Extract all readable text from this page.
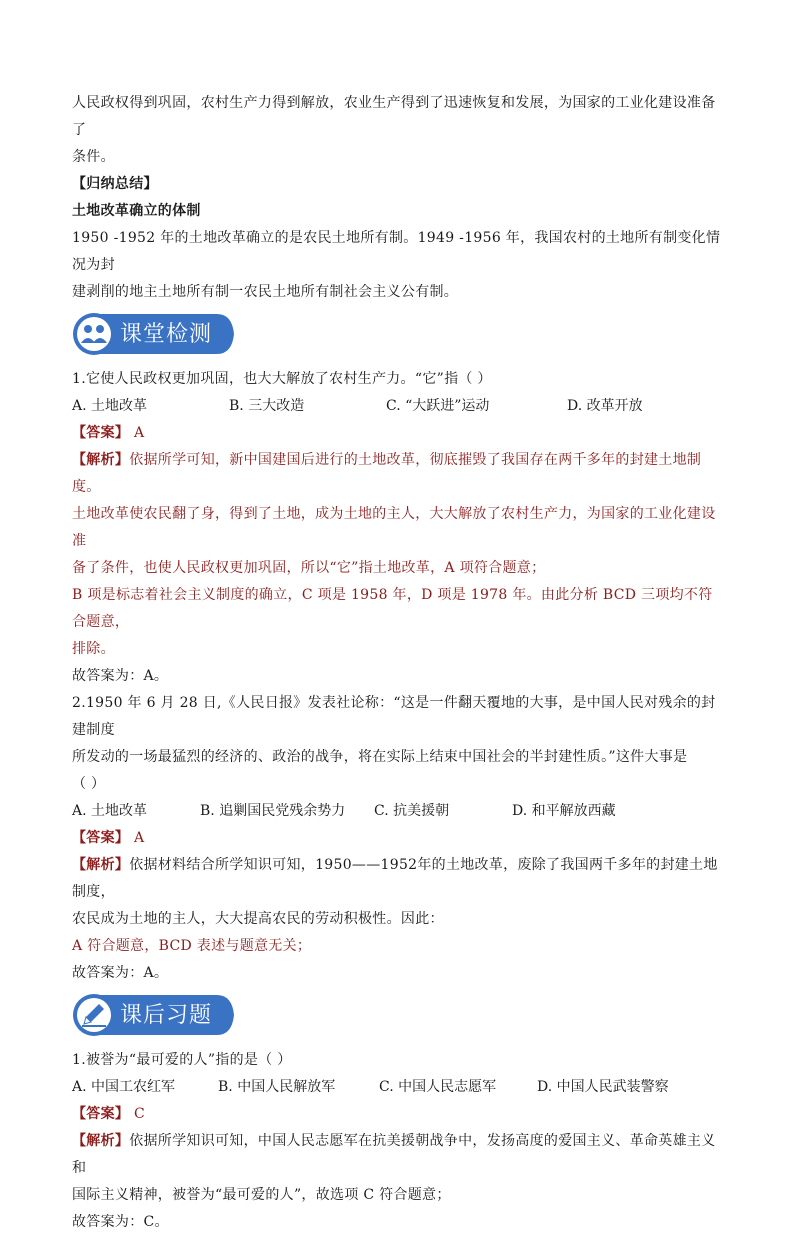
人民政权得到巩固，农村生产力得到解放，农业生产得到了迅速恢复和发展，为国家的工业化建设准备了

条件。

【归纳总结】

土地改革确立的体制

1950 -1952 年的土地改革确立的是农民土地所有制。1949 -1956 年，我国农村的土地所有制变化情况为封

建剥削的地主土地所有制一农民土地所有制社会主义公有制。

课堂检测

1.它使人民政权更加巩固，也大大解放了农村生产力。“它”指（ ）

A. 土地改革	B. 三大改造	C. “大跃进”运动	D. 改革开放

【答案】 A

【解析】依据所学可知，新中国建国后进行的土地改革，彻底摧毁了我国存在两千多年的封建土地制度。

土地改革使农民翻了身，得到了土地，成为土地的主人，大大解放了农村生产力，为国家的工业化建设准

备了条件，也使人民政权更加巩固，所以“它”指土地改革，A 项符合题意；

B 项是标志着社会主义制度的确立，C 项是 1958 年，D 项是 1978 年。由此分析 BCD 三项均不符合题意，

排除。

故答案为：A。

2.1950 年 6 月 28 日,《人民日报》发表社论称：“这是一件翻天覆地的大事，是中国人民对残余的封建制度

所发动的一场最猛烈的经济的、政治的战争，将在实际上结束中国社会的半封建性质。”这件大事是

（ ）

A. 土地改革	B. 追剿国民党残余势力	C. 抗美援朝	D. 和平解放西藏

【答案】 A

【解析】依据材料结合所学知识可知，1950——1952年的土地改革，废除了我国两千多年的封建土地制度，

农民成为土地的主人，大大提高农民的劳动积极性。因此：

A 符合题意，BCD 表述与题意无关；

故答案为：A。

课后习题

1.被誉为“最可爱的人”指的是（ ）

A. 中国工农红军	B. 中国人民解放军	C. 中国人民志愿军	D. 中国人民武装警察

【答案】 C

【解析】依据所学知识可知，中国人民志愿军在抗美援朝战争中，发扬高度的爱国主义、革命英雄主义和

国际主义精神，被誉为“最可爱的人”，故选项 C 符合题意；

故答案为：C。
